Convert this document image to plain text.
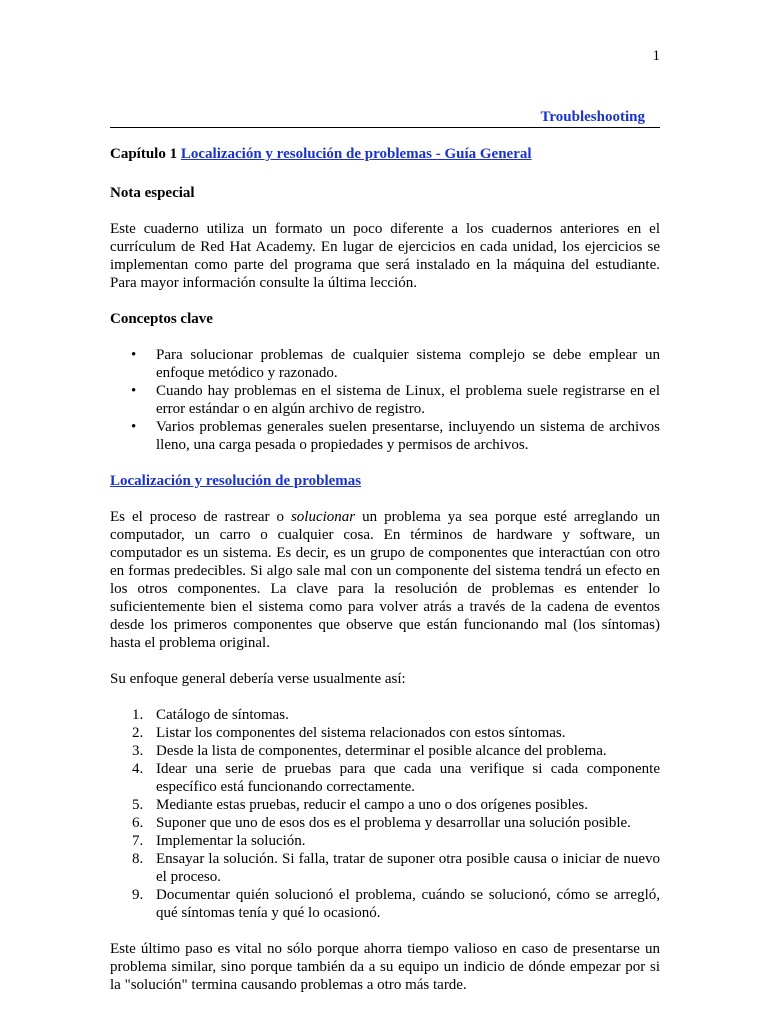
1
Troubleshooting
Capítulo 1 Localización y resolución de problemas - Guía General
Nota especial

Este cuaderno utiliza un formato un poco diferente a los cuadernos anteriores en el currículum de Red Hat Academy. En lugar de ejercicios en cada unidad, los ejercicios se implementan como parte del programa que será instalado en la máquina del estudiante. Para mayor información consulte la última lección.

Conceptos clave
• Para solucionar problemas de cualquier sistema complejo se debe emplear un enfoque metódico y razonado.
• Cuando hay problemas en el sistema de Linux, el problema suele registrarse en el error estándar o en algún archivo de registro.
• Varios problemas generales suelen presentarse, incluyendo un sistema de archivos lleno, una carga pesada o propiedades y permisos de archivos.
Localización y resolución de problemas

Es el proceso de rastrear o solucionar un problema ya sea porque esté arreglando un computador, un carro o cualquier cosa. En términos de hardware y software, un computador es un sistema. Es decir, es un grupo de componentes que interactúan con otro en formas predecibles. Si algo sale mal con un componente del sistema tendrá un efecto en los otros componentes. La clave para la resolución de problemas es entender lo suficientemente bien el sistema como para volver atrás a través de la cadena de eventos desde los primeros componentes que observe que están funcionando mal (los síntomas) hasta el problema original.

Su enfoque general debería verse usualmente así:

1. Catálogo de síntomas.
2. Listar los componentes del sistema relacionados con estos síntomas.
3. Desde la lista de componentes, determinar el posible alcance del problema.
4. Idear una serie de pruebas para que cada una verifique si cada componente específico está funcionando correctamente.
5. Mediante estas pruebas, reducir el campo a uno o dos orígenes posibles.
6. Suponer que uno de esos dos es el problema y desarrollar una solución posible.
7. Implementar la solución.
8. Ensayar la solución. Si falla, tratar de suponer otra posible causa o iniciar de nuevo el proceso.
9. Documentar quién solucionó el problema, cuándo se solucionó, cómo se arregló, qué síntomas tenía y qué lo ocasionó.

Este último paso es vital no sólo porque ahorra tiempo valioso en caso de presentarse un problema similar, sino porque también da a su equipo un indicio de dónde empezar por si la "solución" termina causando problemas a otro más tarde.
